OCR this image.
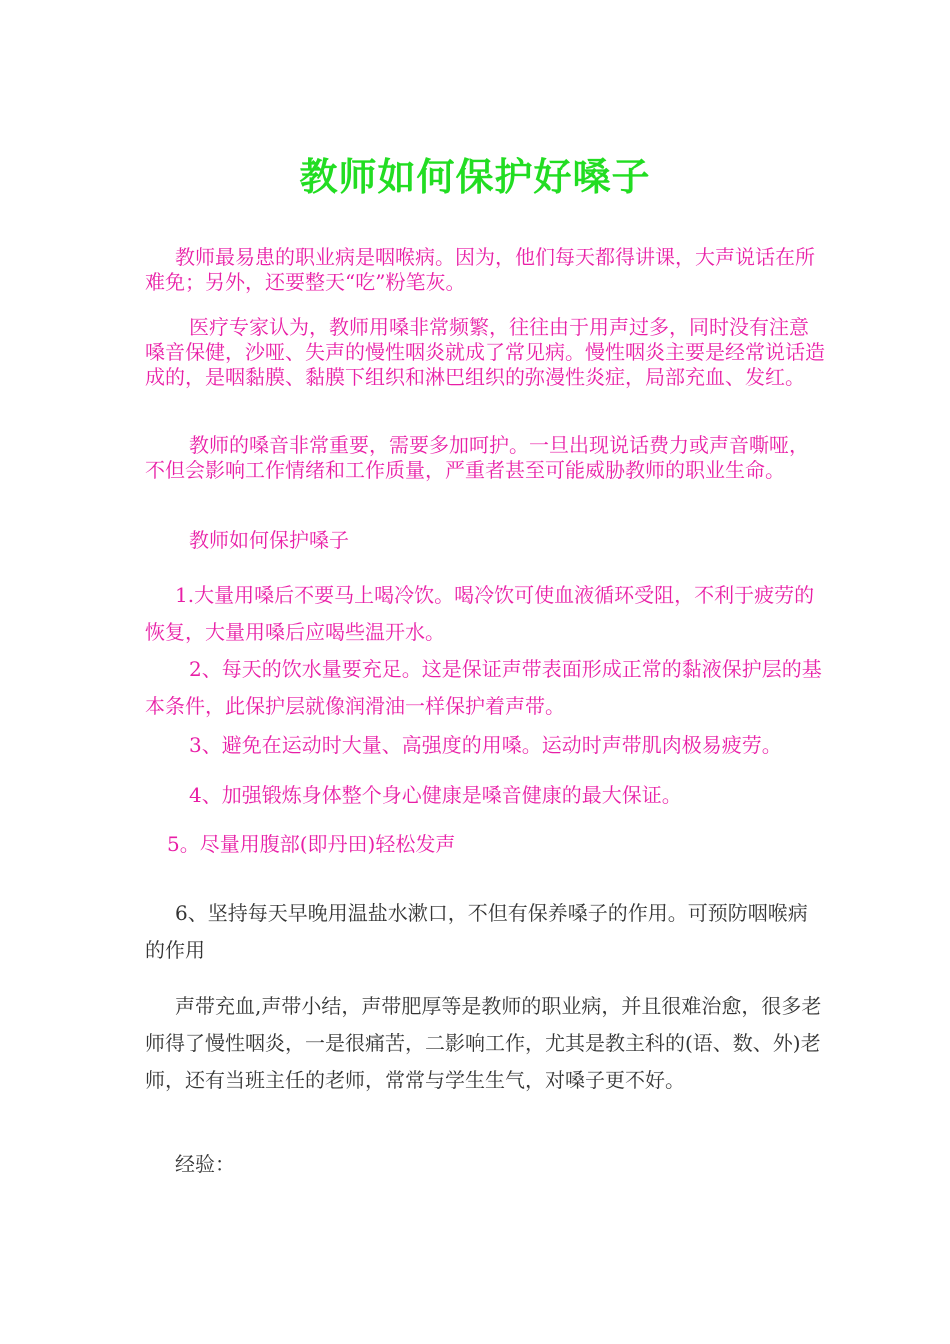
教师如何保护好嗓子

教师最易患的职业病是咽喉病。因为，他们每天都得讲课，大声说话在所难免；另外，还要整天“吃”粉笔灰。

医疗专家认为，教师用嗓非常频繁，往往由于用声过多，同时没有注意嗓音保健，沙哑、失声的慢性咽炎就成了常见病。慢性咽炎主要是经常说话造成的，是咽黏膜、黏膜下组织和淋巴组织的弥漫性炎症，局部充血、发红。

教师的嗓音非常重要，需要多加呵护。一旦出现说话费力或声音嘶哑，不但会影响工作情绪和工作质量，严重者甚至可能威胁教师的职业生命。

教师如何保护嗓子

1.大量用嗓后不要马上喝冷饮。喝冷饮可使血液循环受阻，不利于疲劳的恢复，大量用嗓后应喝些温开水。

2、每天的饮水量要充足。这是保证声带表面形成正常的黏液保护层的基本条件，此保护层就像润滑油一样保护着声带。

3、避免在运动时大量、高强度的用嗓。运动时声带肌肉极易疲劳。

4、加强锻炼身体整个身心健康是嗓音健康的最大保证。

5。尽量用腹部(即丹田)轻松发声

6、坚持每天早晚用温盐水漱口，不但有保养嗓子的作用。可预防咽喉病的作用

声带充血,声带小结，声带肥厚等是教师的职业病，并且很难治愈，很多老师得了慢性咽炎，一是很痛苦，二影响工作，尤其是教主科的(语、数、外)老师，还有当班主任的老师，常常与学生生气，对嗓子更不好。

经验：
